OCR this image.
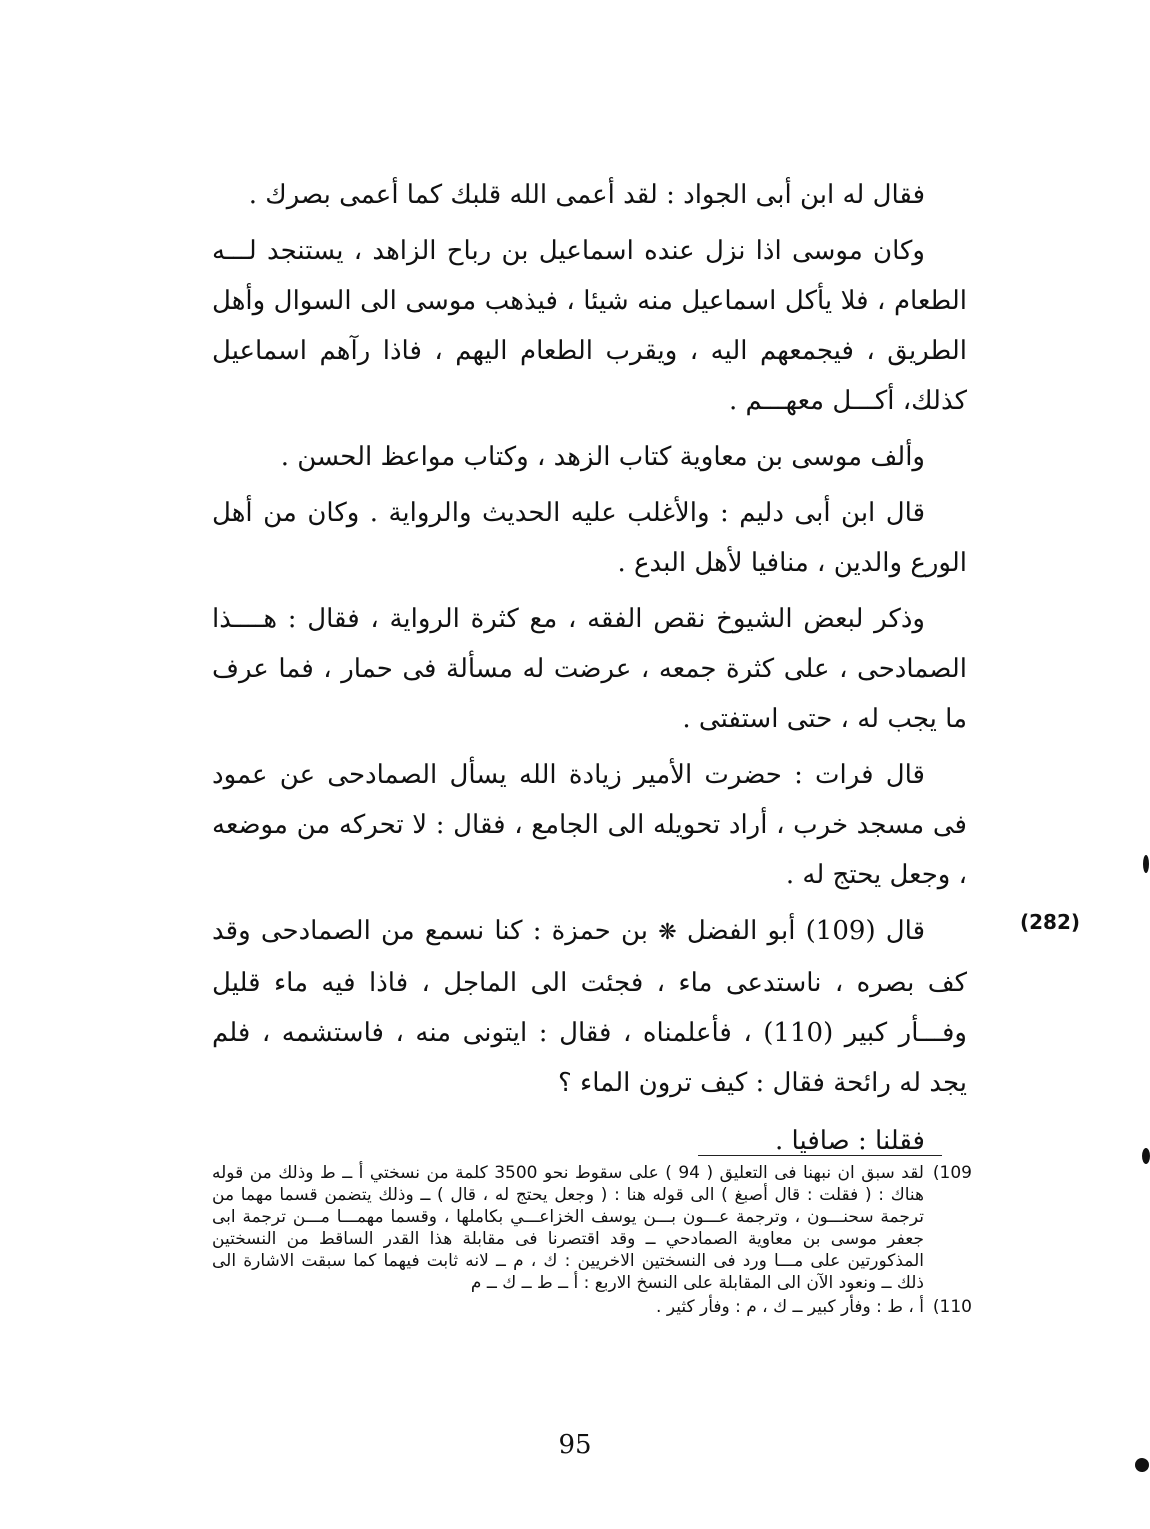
فقال له ابن أبى الجواد : لقد أعمى الله قلبك كما أعمى بصرك .

وكان موسى اذا نزل عنده اسماعيل بن رباح الزاهد ، يستنجد لـــه الطعام ، فلا يأكل اسماعيل منه شيئا ، فيذهب موسى الى السوال وأهل الطريق ، فيجمعهم اليه ، ويقرب الطعام اليهم ، فاذا رآهم اسماعيل كذلك، أكـــل معهـــم .

وألف موسى بن معاوية كتاب الزهد ، وكتاب مواعظ الحسن .

قال ابن أبى دليم : والأغلب عليه الحديث والرواية . وكان من أهل الورع والدين ، منافيا لأهل البدع .

وذكر لبعض الشيوخ نقص الفقه ، مع كثرة الرواية ، فقال : هــــذا الصمادحى ، على كثرة جمعه ، عرضت له مسألة فى حمار ، فما عرف ما يجب له ، حتى استفتى .

قال فرات : حضرت الأمير زيادة الله يسأل الصمادحى عن عمود فى مسجد خرب ، أراد تحويله الى الجامع ، فقال : لا تحركه من موضعه ، وجعل يحتج له .

قال (109) أبو الفضل ❋ بن حمزة : كنا نسمع من الصمادحى وقد كف بصره ، ناستدعى ماء ، فجئت الى الماجل ، فاذا فيه ماء قليل وفـــأر كبير (110) ، فأعلمناه ، فقال : ايتونى منه ، فاستشمه ، فلم يجد له رائحة فقال : كيف ترون الماء ؟

فقلنا : صافيا .

(282)
(109
لقد سبق ان نبهنا فى التعليق ( 94 ) على سقوط نحو 3500 كلمة من نسختي أ ــ ط وذلك من قوله هناك : ( فقلت : قال أصبغ ) الى قوله هنا : ( وجعل يحتج له ، قال ) ــ وذلك يتضمن قسما مهما من ترجمة سحنـــون ، وترجمة عـــون بـــن يوسف الخزاعـــي بكاملها ، وقسما مهمـــا مـــن ترجمة ابى جعفر موسى بن معاوية الصمادحي ــ وقد اقتصرنا فى مقابلة هذا القدر الساقط من النسختين المذكورتين على مـــا ورد فى النسختين الاخريين : ك ، م ــ لانه ثابت فيهما كما سبقت الاشارة الى ذلك ــ ونعود الآن الى المقابلة على النسخ الاربع : أ ــ ط ــ ك ــ م
(110
أ ، ط : وفأر كبير ــ ك ، م : وفأر كثير .
95
